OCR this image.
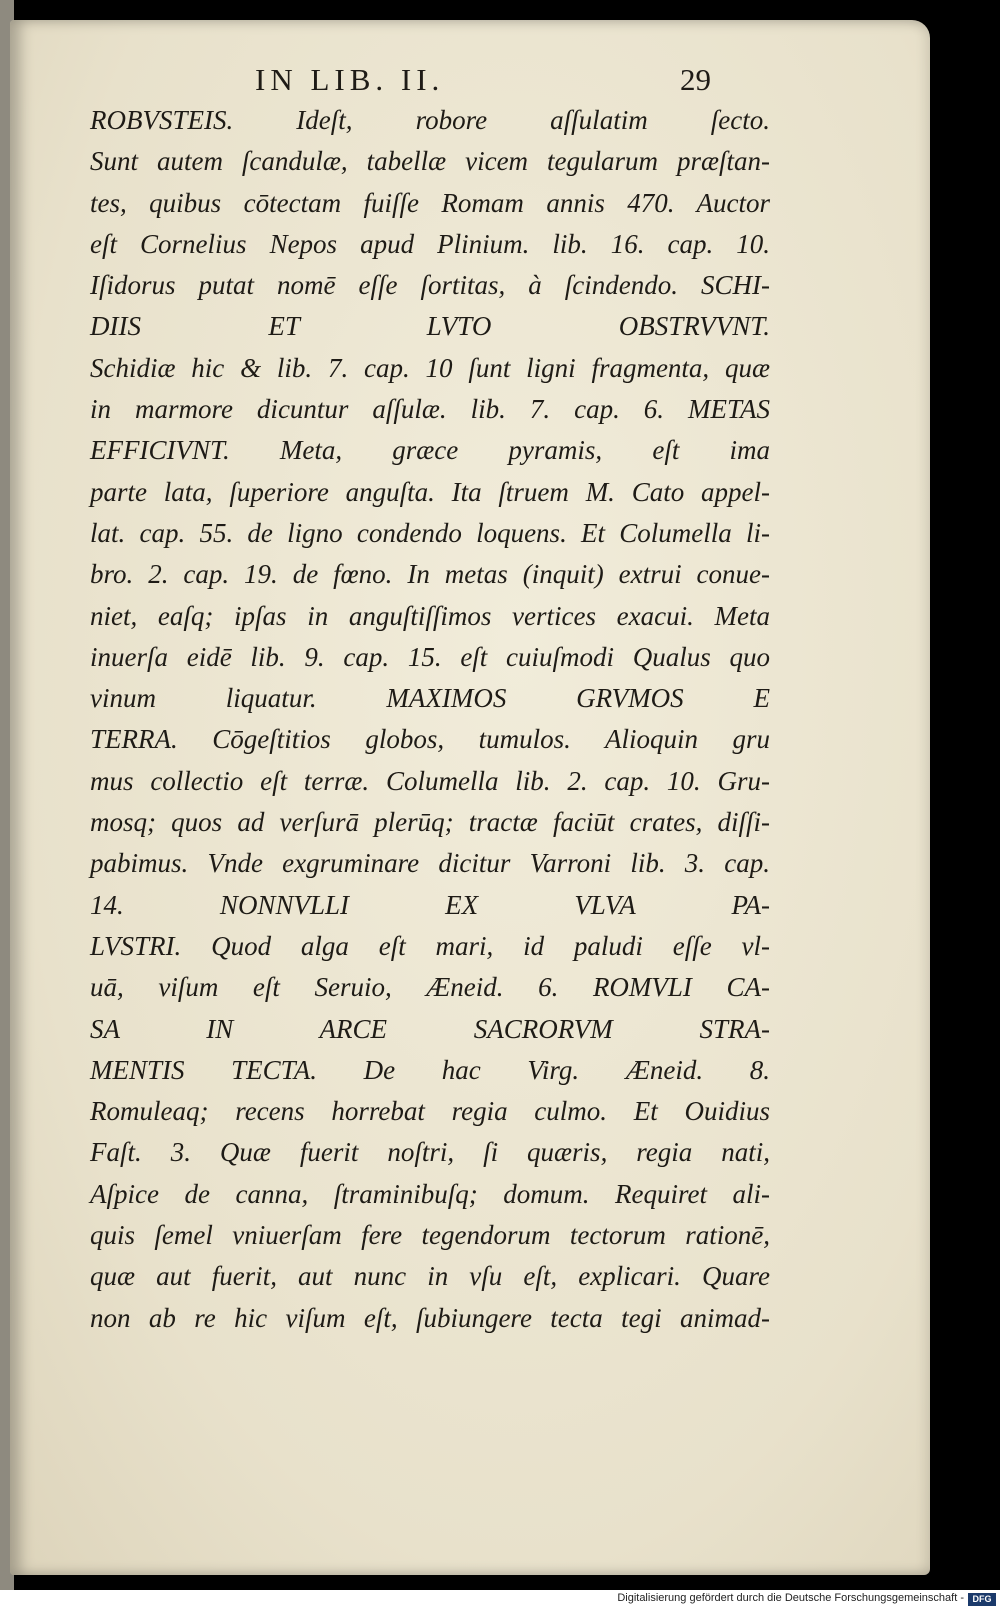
IN LIB. II.	29
ROBVSTEIS. Ideſt, robore aſſulatim ſecto.
Sunt autem ſcandulæ, tabellæ vicem tegularum præſtan-
tes, quibus cōtectam fuiſſe Romam annis 470. Auctor
eſt Cornelius Nepos apud Plinium. lib. 16. cap. 10.
Iſidorus putat nomē eſſe ſortitas, à ſcindendo. SCHI-
DIIS ET LVTO OBSTRVVNT.
Schidiæ hic & lib. 7. cap. 10 ſunt ligni fragmenta, quæ
in marmore dicuntur aſſulæ. lib. 7. cap. 6. METAS
EFFICIVNT. Meta, græce pyramis, eſt ima
parte lata, ſuperiore anguſta. Ita ſtruem M. Cato appel-
lat. cap. 55. de ligno condendo loquens. Et Columella li-
bro. 2. cap. 19. de fœno. In metas (inquit) extrui conue-
niet, eaſq; ipſas in anguſtiſſimos vertices exacui. Meta
inuerſa eidē lib. 9. cap. 15. eſt cuiuſmodi Qualus quo
vinum liquatur. MAXIMOS GRVMOS E
TERRA. Cōgeſtitios globos, tumulos. Alioquin gru
mus collectio eſt terræ. Columella lib. 2. cap. 10. Gru-
mosq; quos ad verſurā plerūq; tractæ faciūt crates, diſſi-
pabimus. Vnde exgruminare dicitur Varroni lib. 3. cap.
14. NONNVLLI EX VLVA PA-
LVSTRI. Quod alga eſt mari, id paludi eſſe vl-
uā, viſum eſt Seruio, Æneid. 6. ROMVLI CA-
SA IN ARCE SACRORVM STRA-
MENTIS TECTA. De hac Virg. Æneid. 8.
Romuleaq; recens horrebat regia culmo. Et Ouidius
Faſt. 3. Quæ fuerit noſtri, ſi quæris, regia nati,
Aſpice de canna, ſtraminibuſq; domum. Requiret ali-
quis ſemel vniuerſam fere tegendorum tectorum rationē,
quæ aut fuerit, aut nunc in vſu eſt, explicari. Quare
non ab re hic viſum eſt, ſubiungere tecta tegi animad-
Digitalisierung gefördert durch die Deutsche Forschungsgemeinschaft - DFG
